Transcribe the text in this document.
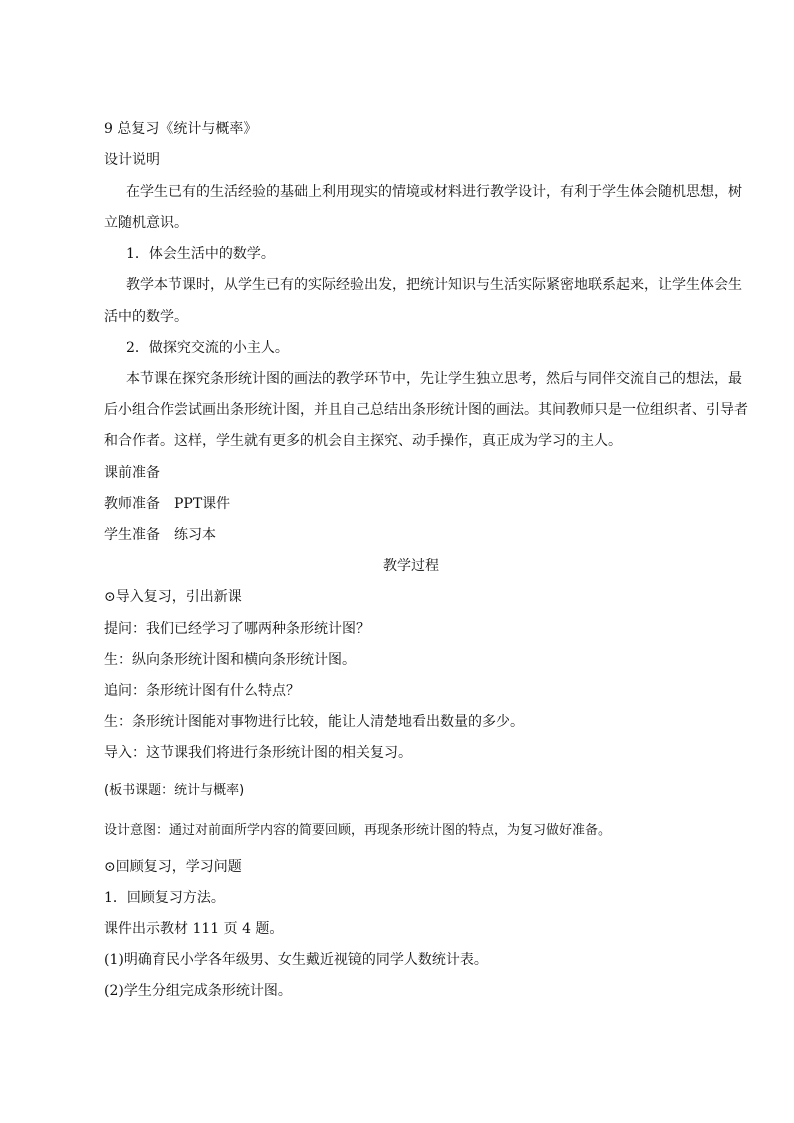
9 总复习《统计与概率》
设计说明
在学生已有的生活经验的基础上利用现实的情境或材料进行教学设计，有利于学生体会随机思想，树
立随机意识。
1．体会生活中的数学。
教学本节课时，从学生已有的实际经验出发，把统计知识与生活实际紧密地联系起来，让学生体会生
活中的数学。
2．做探究交流的小主人。
本节课在探究条形统计图的画法的教学环节中，先让学生独立思考，然后与同伴交流自己的想法，最
后小组合作尝试画出条形统计图，并且自己总结出条形统计图的画法。其间教师只是一位组织者、引导者
和合作者。这样，学生就有更多的机会自主探究、动手操作，真正成为学习的主人。
课前准备
教师准备　PPT课件
学生准备　练习本
教学过程
⊙导入复习，引出新课
提问：我们已经学习了哪两种条形统计图？
生：纵向条形统计图和横向条形统计图。
追问：条形统计图有什么特点？
生：条形统计图能对事物进行比较，能让人清楚地看出数量的多少。
导入：这节课我们将进行条形统计图的相关复习。
(板书课题：统计与概率)
设计意图：通过对前面所学内容的简要回顾，再现条形统计图的特点，为复习做好准备。
⊙回顾复习，学习问题
1．回顾复习方法。
课件出示教材 111 页 4 题。
(1)明确育民小学各年级男、女生戴近视镜的同学人数统计表。
(2)学生分组完成条形统计图。
